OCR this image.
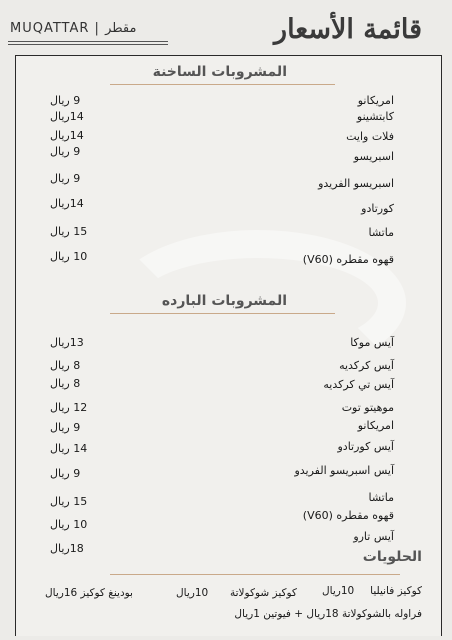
MUQATTAR | مقطر	قائمة الأسعار
المشروبات الساخنة
امريكانو
9 ريال
كابتشينو
14ريال
فلات وايت
14ريال
اسبريسو
9 ريال
اسبريسو الفريدو
9 ريال
كورتادو
14ريال
ماتشا
15 ريال
قهوه مقطره (V60)
10 ريال
المشروبات البارده
آيس موكا
13ريال
آيس كركديه
8 ريال
آيس تي كركديه
8 ريال
موهيتو توت
12 ريال
امريكانو
9 ريال
آيس كورتادو
14 ريال
آيس اسبريسو الفريدو
9 ريال
ماتشا
15 ريال
قهوه مقطره (V60)
10 ريال
آيس تارو
18ريال
الحلويات
كوكيز فانيليا
10ريال
كوكيز شوكولاتة
10ريال
بودينغ كوكيز 16ريال
فراوله بالشوكولاتة 18ريال + فيوتين 1ريال
